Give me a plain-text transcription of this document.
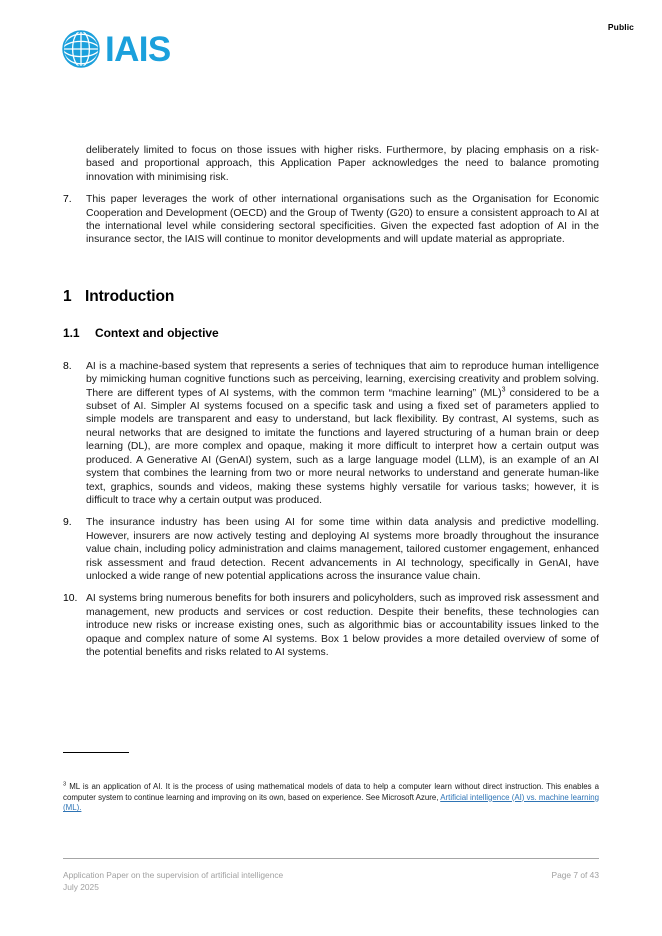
Public
IAIS

deliberately limited to focus on those issues with higher risks. Furthermore, by placing emphasis on a risk-based and proportional approach, this Application Paper acknowledges the need to balance promoting innovation with minimising risk.

7.	This paper leverages the work of other international organisations such as the Organisation for Economic Cooperation and Development (OECD) and the Group of Twenty (G20) to ensure a consistent approach to AI at the international level while considering sectoral specificities. Given the expected fast adoption of AI in the insurance sector, the IAIS will continue to monitor developments and will update material as appropriate.
1 Introduction
1.1 Context and objective
8.	AI is a machine-based system that represents a series of techniques that aim to reproduce human intelligence by mimicking human cognitive functions such as perceiving, learning, exercising creativity and problem solving. There are different types of AI systems, with the common term “machine learning” (ML)$^3$ considered to be a subset of AI. Simpler AI systems focused on a specific task and using a fixed set of parameters applied to simple models are transparent and easy to understand, but lack flexibility. By contrast, AI systems, such as neural networks that are designed to imitate the functions and layered structuring of a human brain or deep learning (DL), are more complex and opaque, making it more difficult to interpret how a certain output was produced. A Generative AI (GenAI) system, such as a large language model (LLM), is an example of an AI system that combines the learning from two or more neural networks to understand and generate human-like text, graphics, sounds and videos, making these systems highly versatile for various tasks; however, it is difficult to trace why a certain output was produced.
9.	The insurance industry has been using AI for some time within data analysis and predictive modelling. However, insurers are now actively testing and deploying AI systems more broadly throughout the insurance value chain, including policy administration and claims management, tailored customer engagement, enhanced risk assessment and fraud detection. Recent advancements in AI technology, specifically in GenAI, have unlocked a wide range of new potential applications across the insurance value chain.
10. AI systems bring numerous benefits for both insurers and policyholders, such as improved risk assessment and management, new products and services or cost reduction. Despite their benefits, these technologies can introduce new risks or increase existing ones, such as algorithmic bias or accountability issues linked to the opaque and complex nature of some AI systems. Box 1 below provides a more detailed overview of some of the potential benefits and risks related to AI systems.

$^3$ ML is an application of AI. It is the process of using mathematical models of data to help a computer learn without direct instruction. This enables a computer system to continue learning and improving on its own, based on experience. See Microsoft Azure, Artificial intelligence (AI) vs. machine learning (ML).

Application Paper on the supervision of artificial intelligence
July 2025
Page 7 of 43
